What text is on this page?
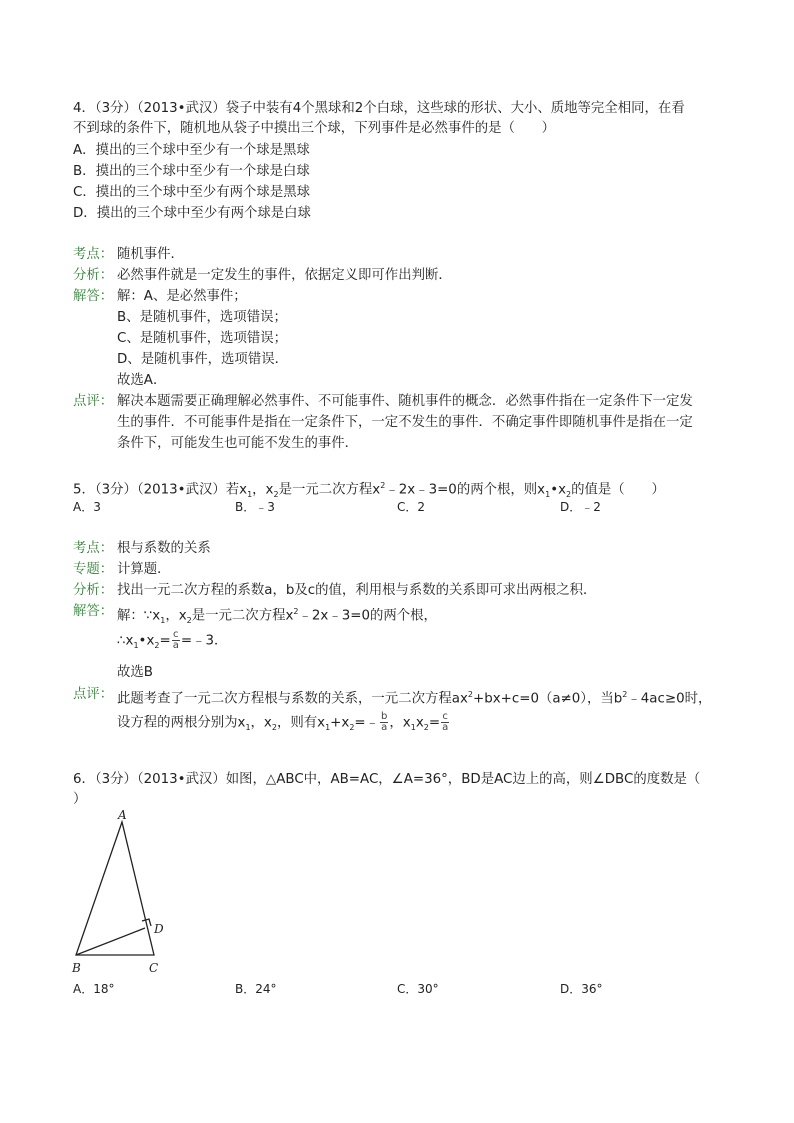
4．（3分）（2013•武汉）袋子中装有4个黑球和2个白球，这些球的形状、大小、质地等完全相同，在看
不到球的条件下，随机地从袋子中摸出三个球，下列事件是必然事件的是（　　）
A．摸出的三个球中至少有一个球是黑球
B．摸出的三个球中至少有一个球是白球
C．摸出的三个球中至少有两个球是黑球
D．摸出的三个球中至少有两个球是白球
考点： 随机事件．
分析： 必然事件就是一定发生的事件，依据定义即可作出判断．
解答： 解：A、是必然事件；
B、是随机事件，选项错误；
C、是随机事件，选项错误；
D、是随机事件，选项错误．
故选A．
点评： 解决本题需要正确理解必然事件、不可能事件、随机事件的概念．必然事件指在一定条件下一定发
生的事件．不可能事件是指在一定条件下，一定不发生的事件．不确定事件即随机事件是指在一定
条件下，可能发生也可能不发生的事件．
5．（3分）（2013•武汉）若$x_1$，$x_2$是一元二次方程$x^2﹣2x﹣3=0$的两个根，则$x_1•x_2$的值是（　　）
A．3	B．﹣3	C．2	D．﹣2
考点： 根与系数的关系
专题： 计算题．
分析： 找出一元二次方程的系数a，b及c的值，利用根与系数的关系即可求出两根之积．
解答： 解：$\because x_1$，$x_2$是一元二次方程$x^2﹣2x﹣3=0$的两个根，
$\therefore x_1•x_2= \frac{c}{a}$ =﹣3．
故选B
点评： 此题考查了一元二次方程根与系数的关系，一元二次方程$ax^2+bx+c=0(a\ne 0)$，当$b^2﹣4ac\ge 0$时，
设方程的两根分别为$x_1$，$x_2$，则有$x_1+x_2=﹣ \frac{b}{a}$ ，$x_1x_2= \frac{c}{a}$
6．（3分）（2013•武汉）如图，△ABC中，AB=AC，∠A=36°，BD是AC边上的高，则∠DBC的度数是（
）
A
B	C
D
A．18°	B．24°	C．30°	D．36°
